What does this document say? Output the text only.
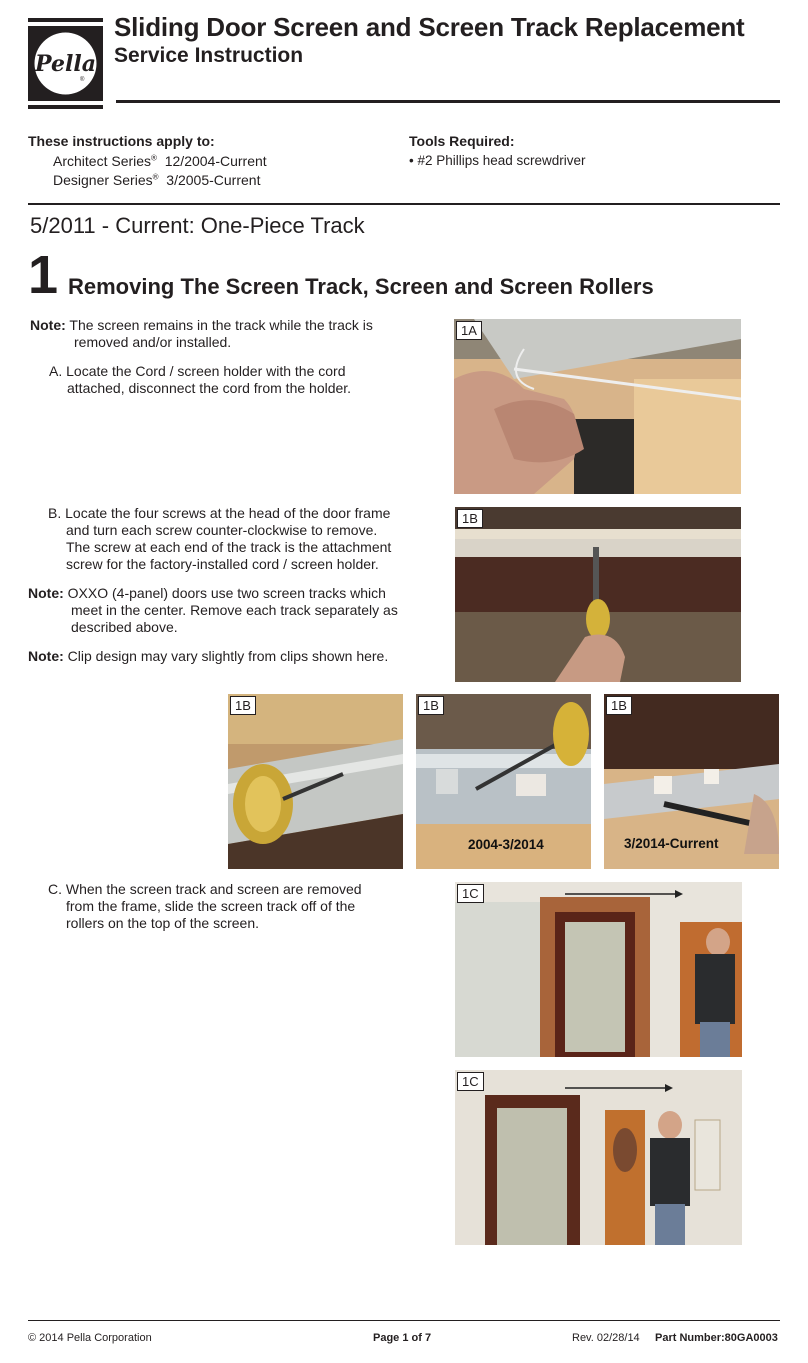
Pella
®
Sliding Door Screen and Screen Track Replacement
Service Instruction
These instructions apply to:
Architect Series® 12/2004-Current
Designer Series® 3/2005-Current
Tools Required:
• #2 Phillips head screwdriver
5/2011 - Current: One-Piece Track
1 Removing The Screen Track, Screen and Screen Rollers
Note: The screen remains in the track while the track is
removed and/or installed.
A. Locate the Cord / screen holder with the cord
attached, disconnect the cord from the holder.
B. Locate the four screws at the head of the door frame
and turn each screw counter-clockwise to remove.
The screw at each end of the track is the attachment
screw for the factory-installed cord / screen holder.
Note: OXXO (4-panel) doors use two screen tracks which
meet in the center. Remove each track separately as
described above.
Note: Clip design may vary slightly from clips shown here.
C. When the screen track and screen are removed
from the frame, slide the screen track off of the
rollers on the top of the screen.
1A
1B
1B	1B
2004-3/2014
1B
3/2014-Current
1C
1C
© 2014 Pella Corporation	Page 1 of 7	Rev. 02/28/14 Part Number:80GA0003
